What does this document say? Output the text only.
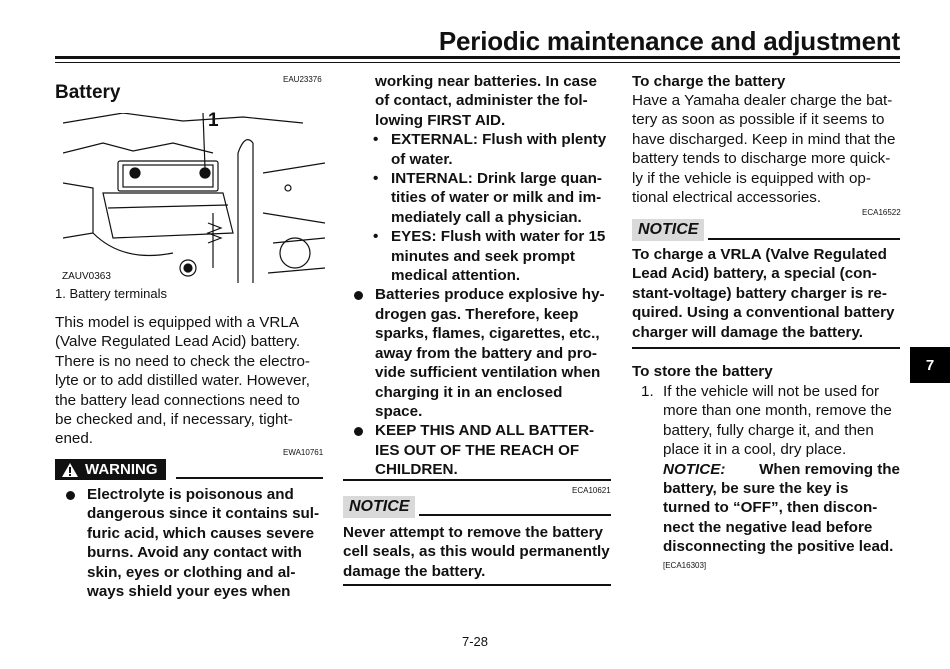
Periodic maintenance and adjustment
EAU23376
Battery
1
ZAUV0363
1. Battery terminals
This model is equipped with a VRLA
(Valve Regulated Lead Acid) battery.
There is no need to check the electro-
lyte or to add distilled water. However,
the battery lead connections need to
be checked and, if necessary, tight-
ened.
EWA10761
WARNING
Electrolyte is poisonous and
dangerous since it contains sul-
furic acid, which causes severe
burns. Avoid any contact with
skin, eyes or clothing and al-
ways shield your eyes when
working near batteries. In case
of contact, administer the fol-
lowing FIRST AID.
• EXTERNAL: Flush with plenty
of water.
• INTERNAL: Drink large quan-
tities of water or milk and im-
mediately call a physician.
• EYES: Flush with water for 15
minutes and seek prompt
medical attention.
Batteries produce explosive hy-
drogen gas. Therefore, keep
sparks, flames, cigarettes, etc.,
away from the battery and pro-
vide sufficient ventilation when
charging it in an enclosed
space.
KEEP THIS AND ALL BATTER-
IES OUT OF THE REACH OF
CHILDREN.
ECA10621
NOTICE
Never attempt to remove the battery
cell seals, as this would permanently
damage the battery.
To charge the battery
Have a Yamaha dealer charge the bat-
tery as soon as possible if it seems to
have discharged. Keep in mind that the
battery tends to discharge more quick-
ly if the vehicle is equipped with op-
tional electrical accessories.
ECA16522
NOTICE
To charge a VRLA (Valve Regulated
Lead Acid) battery, a special (con-
stant-voltage) battery charger is re-
quired. Using a conventional battery
charger will damage the battery.
To store the battery
1. If the vehicle will not be used for
more than one month, remove the
battery, fully charge it, and then
place it in a cool, dry place.
NOTICE: When removing the
battery, be sure the key is
turned to “OFF”, then discon-
nect the negative lead before
disconnecting the positive lead.
[ECA16303]
7
7-28
